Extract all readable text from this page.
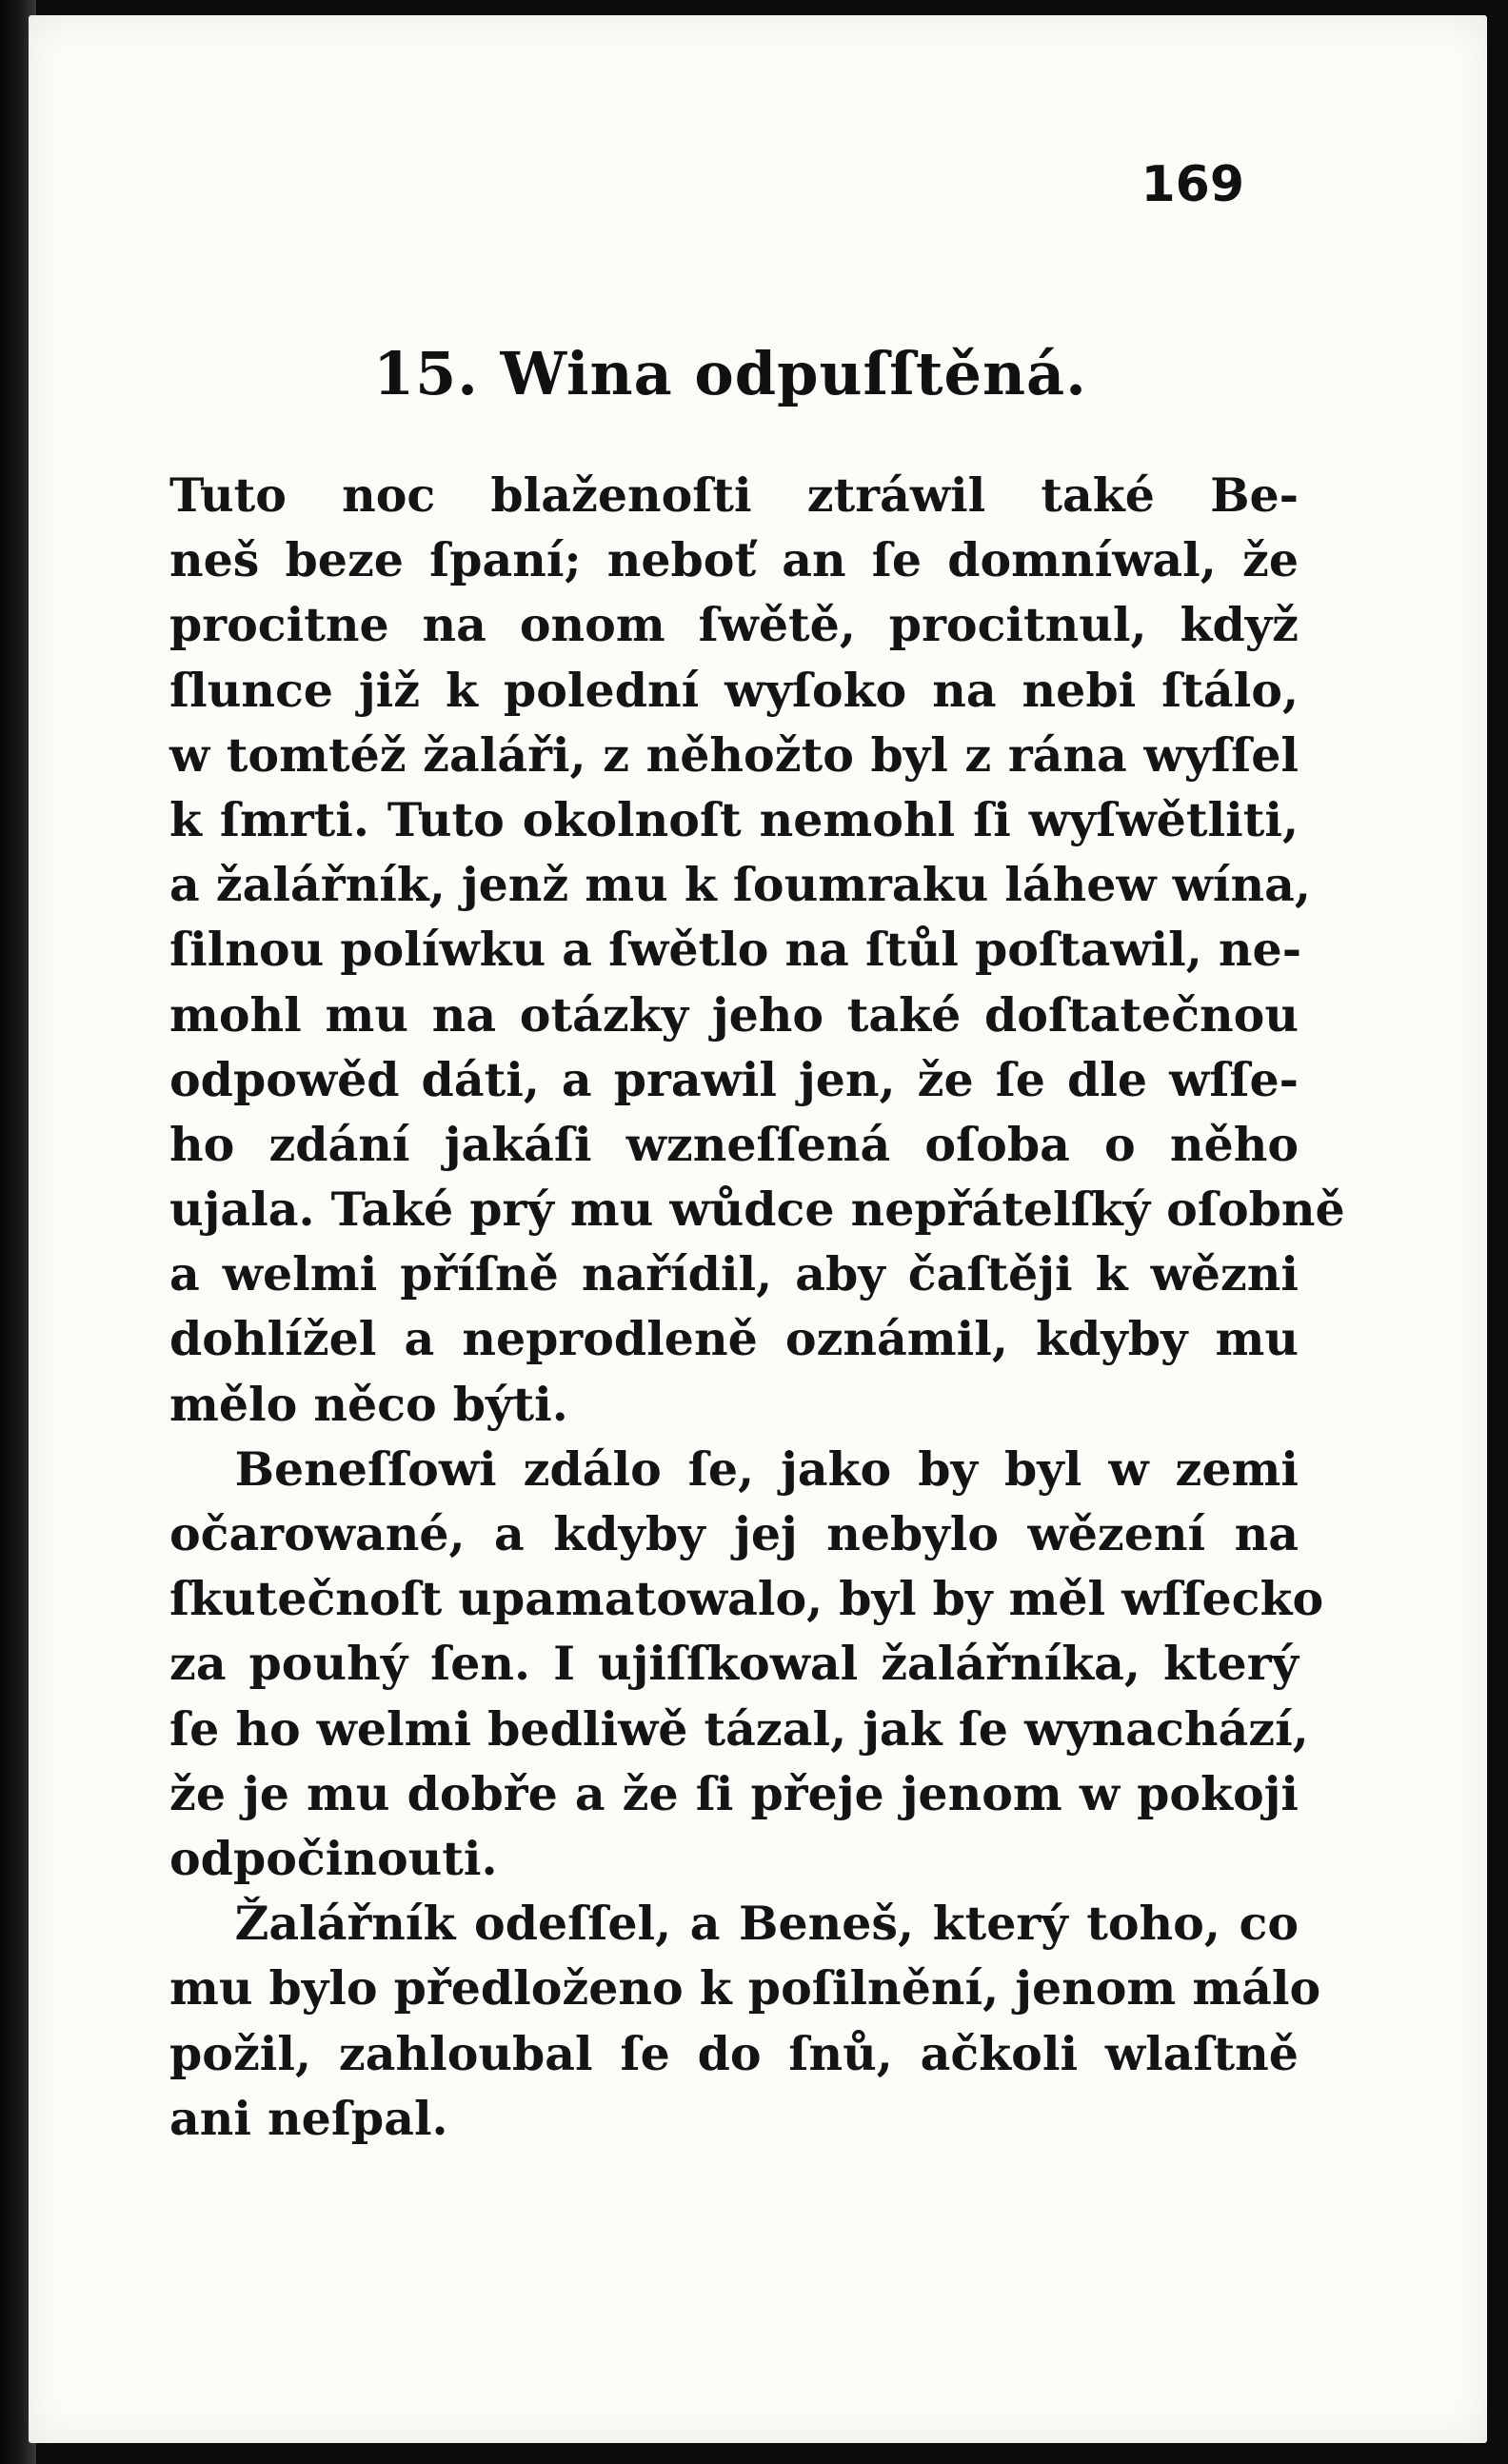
169

15. Wina odpuſſtěná.
Tuto noc blaženoſti ztráwil také Be-
neš beze ſpaní; neboť an ſe domníwal, že
procitne na onom ſwětě, procitnul, když
ſlunce již k polední wyſoko na nebi ſtálo,
w tomtéž žaláři, z něhožto byl z rána wyſſel
k ſmrti. Tuto okolnoſt nemohl ſi wyſwětliti,
a žalářník, jenž mu k ſoumraku láhew wína,
ſilnou políwku a ſwětlo na ſtůl poſtawil, ne-
mohl mu na otázky jeho také doſtatečnou
odpowěd dáti, a prawil jen, že ſe dle wſſe-
ho zdání jakáſi wzneſſená oſoba o něho
ujala. Také prý mu wůdce nepřátelſký oſobně
a welmi příſně nařídil, aby čaſtěji k wězni
dohlížel a neprodleně oznámil, kdyby mu
mělo něco býti.
Beneſſowi zdálo ſe, jako by byl w zemi
očarowané, a kdyby jej nebylo wězení na
ſkutečnoſt upamatowalo, byl by měl wſſecko
za pouhý ſen. I ujiſſkowal žalářníka, který
ſe ho welmi bedliwě tázal, jak ſe wynachází,
že je mu dobře a že ſi přeje jenom w pokoji
odpočinouti.
Žalářník odeſſel, a Beneš, který toho, co
mu bylo předloženo k poſilnění, jenom málo
požil, zahloubal ſe do ſnů, ačkoli wlaſtně
ani neſpal.
